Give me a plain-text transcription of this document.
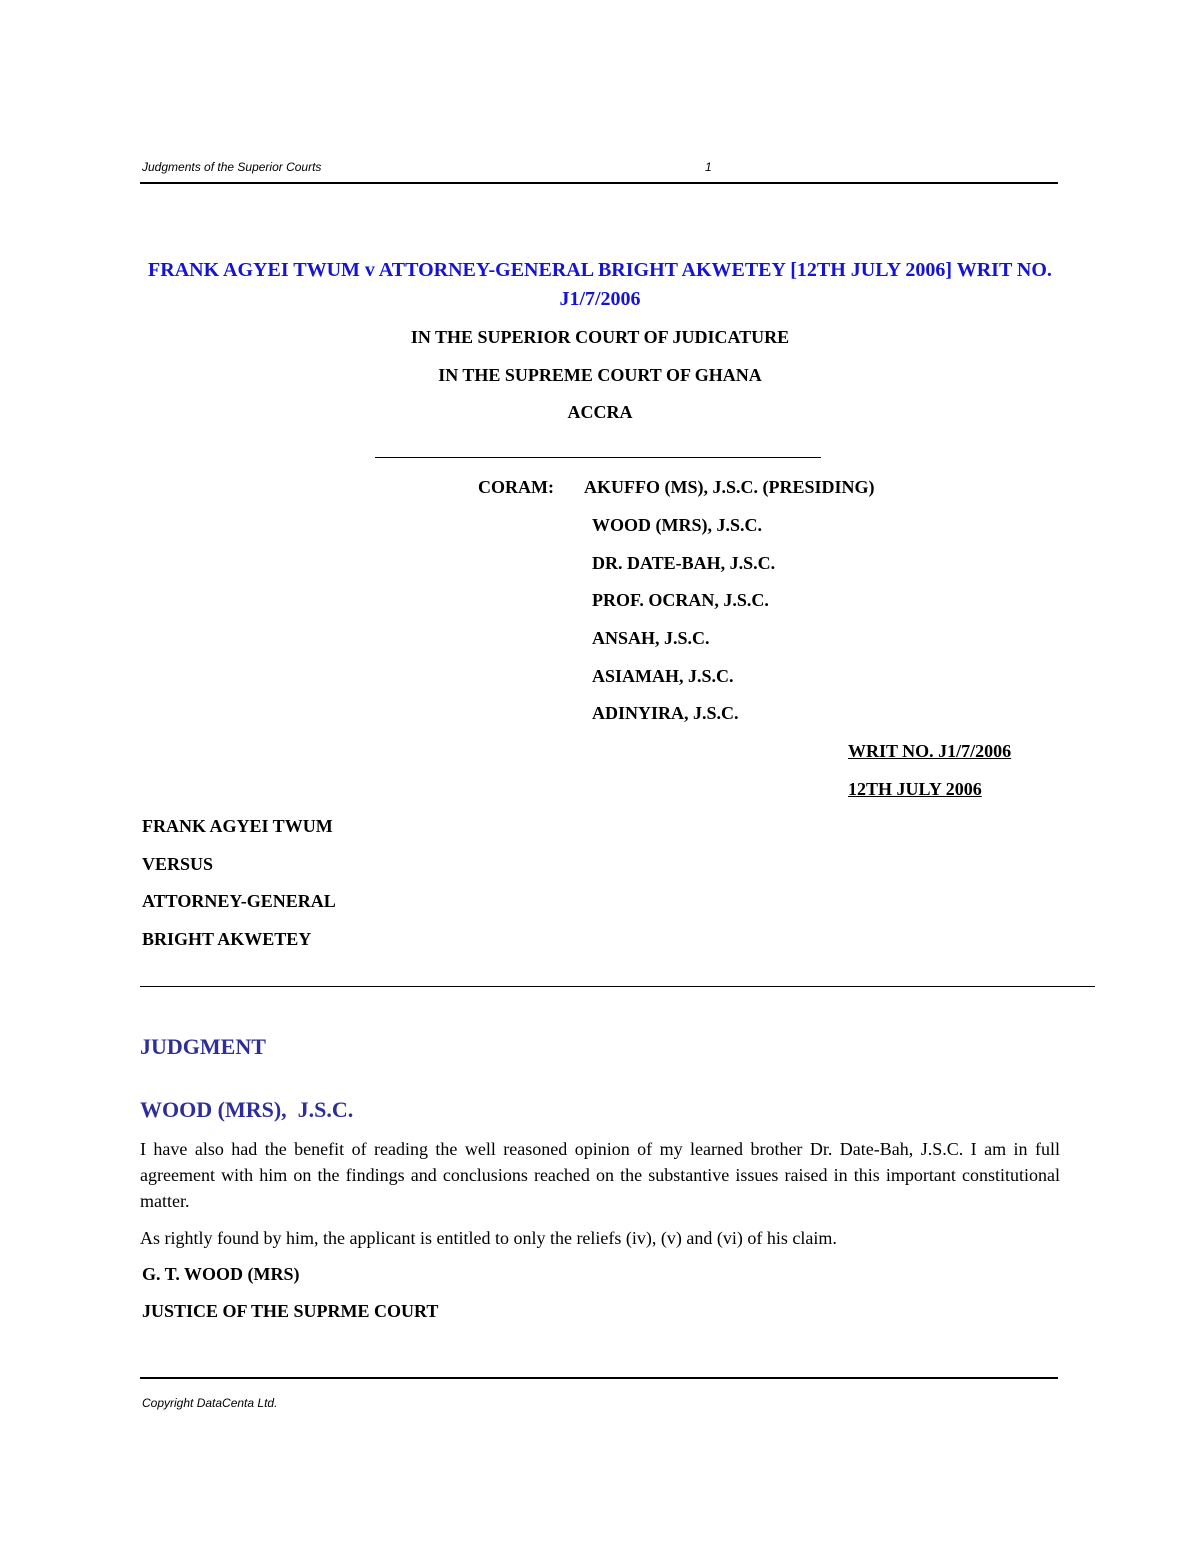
Judgments of the Superior Courts	1
FRANK AGYEI TWUM v ATTORNEY-GENERAL BRIGHT AKWETEY [12TH JULY 2006] WRIT NO. J1/7/2006
IN THE SUPERIOR COURT OF JUDICATURE
IN THE SUPREME COURT OF GHANA
ACCRA
CORAM: AKUFFO (MS), J.S.C. (PRESIDING)
WOOD (MRS), J.S.C.
DR. DATE-BAH, J.S.C.
PROF. OCRAN, J.S.C.
ANSAH, J.S.C.
ASIAMAH, J.S.C.
ADINYIRA, J.S.C.
WRIT NO. J1/7/2006
12TH JULY 2006
FRANK AGYEI TWUM
VERSUS
ATTORNEY-GENERAL
BRIGHT AKWETEY
JUDGMENT
WOOD (MRS),  J.S.C.
I have also had the benefit of reading the well reasoned opinion of my learned brother Dr. Date-Bah, J.S.C. I am in full agreement with him on the findings and conclusions reached on the substantive issues raised in this important constitutional matter.
As rightly found by him, the applicant is entitled to only the reliefs (iv), (v) and (vi) of his claim.
G. T. WOOD (MRS)
JUSTICE OF THE SUPRME COURT
Copyright DataCenta Ltd.
